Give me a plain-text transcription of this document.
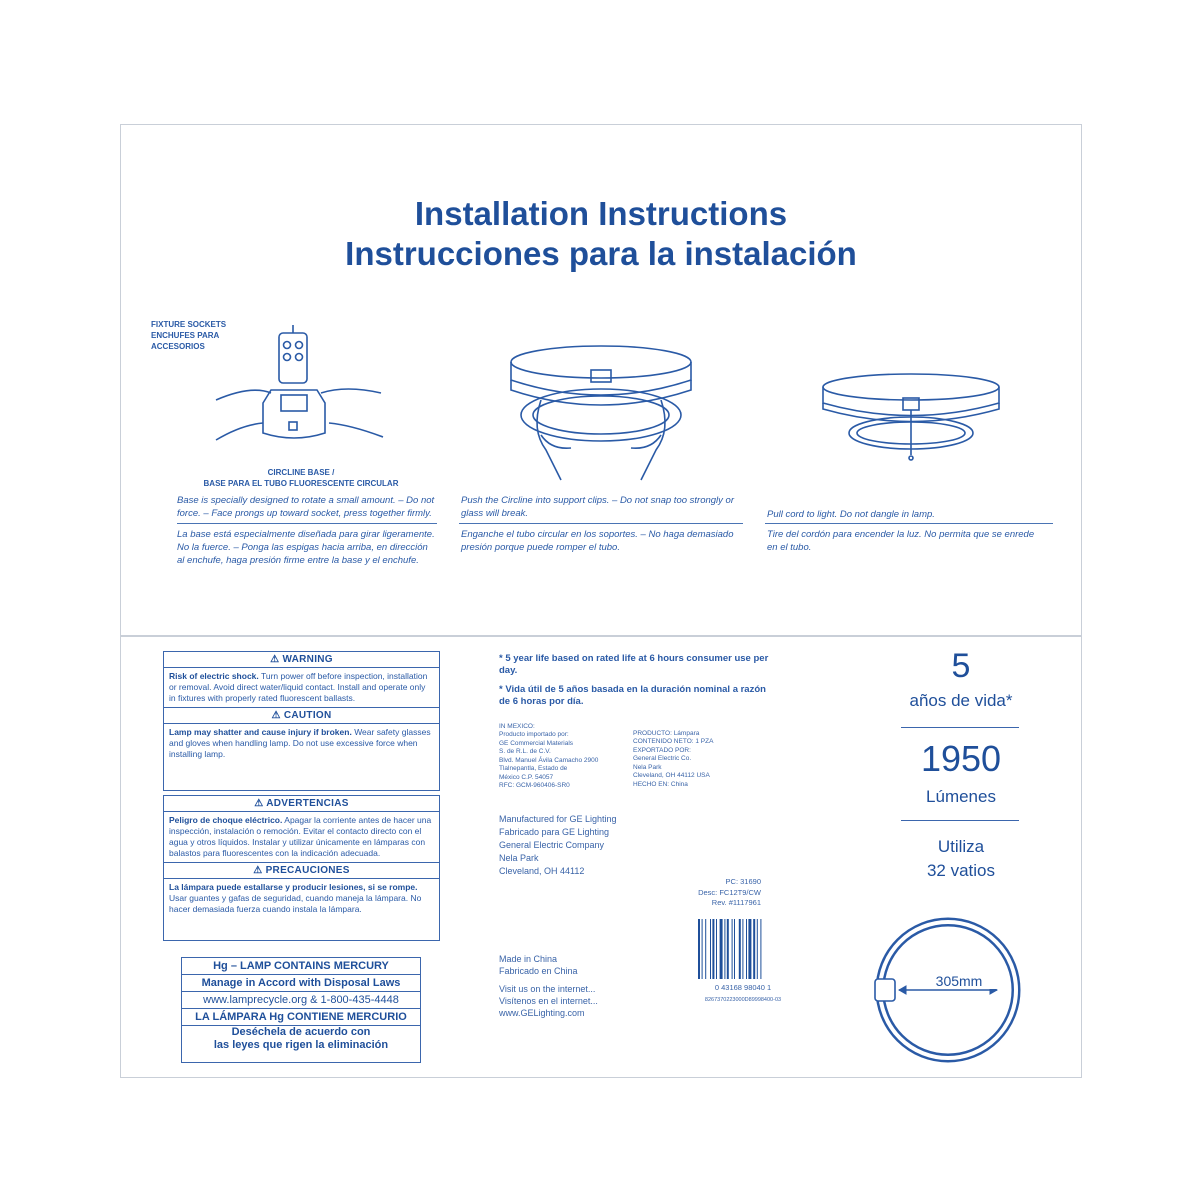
Installation Instructions
Instrucciones para la instalación
FIXTURE SOCKETS
ENCHUFES PARA ACCESORIOS
CIRCLINE BASE /
BASE PARA EL TUBO FLUORESCENTE CIRCULAR
Base is specially designed to rotate a small amount. – Do not force. – Face prongs up toward socket, press together firmly.
La base está especialmente diseñada para girar ligeramente. No la fuerce. – Ponga las espigas hacia arriba, en dirección al enchufe, haga presión firme entre la base y el enchufe.
Push the Circline into support clips. – Do not snap too strongly or glass will break.
Enganche el tubo circular en los soportes. – No haga demasiado presión porque puede romper el tubo.
Pull cord to light. Do not dangle in lamp.
Tire del cordón para encender la luz. No permita que se enrede en el tubo.
⚠ WARNING
Risk of electric shock. Turn power off before inspection, installation or removal. Avoid direct water/liquid contact. Install and operate only in fixtures with properly rated fluorescent ballasts.
⚠ CAUTION
Lamp may shatter and cause injury if broken. Wear safety glasses and gloves when handling lamp. Do not use excessive force when installing lamp.
⚠ ADVERTENCIAS
Peligro de choque eléctrico. Apagar la corriente antes de hacer una inspección, instalación o remoción. Evitar el contacto directo con el agua y otros líquidos. Instalar y utilizar únicamente en lámparas con balastos para fluorescentes con la indicación adecuada.
⚠ PRECAUCIONES
La lámpara puede estallarse y producir lesiones, si se rompe. Usar guantes y gafas de seguridad, cuando maneja la lámpara. No hacer demasiada fuerza cuando instala la lámpara.
Hg – LAMP CONTAINS MERCURY
Manage in Accord with Disposal Laws
www.lamprecycle.org & 1-800-435-4448
LA LÁMPARA Hg CONTIENE MERCURIO
Deséchela de acuerdo con
las leyes que rigen la eliminación
* 5 year life based on rated life at 6 hours consumer use per day.
* Vida útil de 5 años basada en la duración nominal a razón de 6 horas por día.
IN MEXICO:
Producto importado por:
GE Commercial Materials
S. de R.L. de C.V.
Blvd. Manuel Ávila Camacho 2900
Tlalnepantla, Estado de
México C.P. 54057
RFC: GCM-960406-SR0
PRODUCTO: Lámpara
CONTENIDO NETO: 1 PZA
EXPORTADO POR:
General Electric Co.
Nela Park
Cleveland, OH 44112 USA
HECHO EN: China
Manufactured for GE Lighting
Fabricado para GE Lighting
General Electric Company
Nela Park
Cleveland, OH 44112
PC: 31690
Desc: FC12T9/CW
Rev. #1117961
0 43168 98040 1
8267370223000D89998400-03
Made in China
Fabricado en China
Visit us on the internet...
Visítenos en el internet...
www.GELighting.com
5
años de vida*
1950
Lúmenes
Utiliza
32 vatios
305mm
